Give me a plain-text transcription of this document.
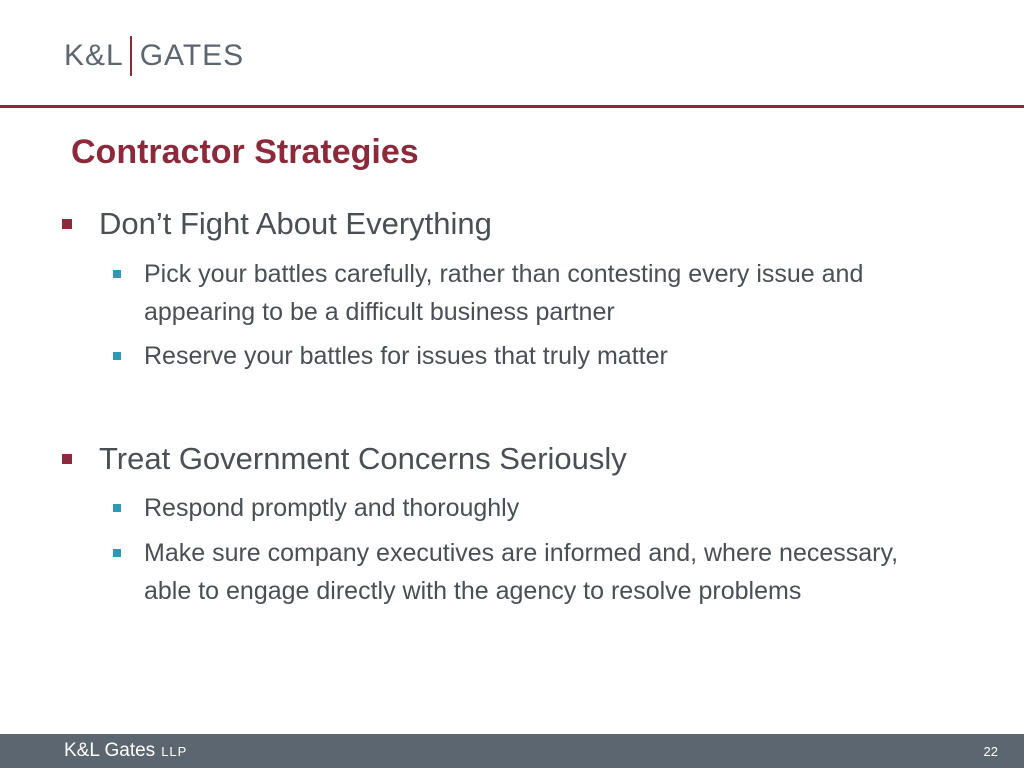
K&L GATES
Contractor Strategies
Don’t Fight About Everything
Pick your battles carefully, rather than contesting every issue and appearing to be a difficult business partner
Reserve your battles for issues that truly matter
Treat Government Concerns Seriously
Respond promptly and thoroughly
Make sure company executives are informed and, where necessary, able to engage directly with the agency to resolve problems
K&L Gates LLP	22
